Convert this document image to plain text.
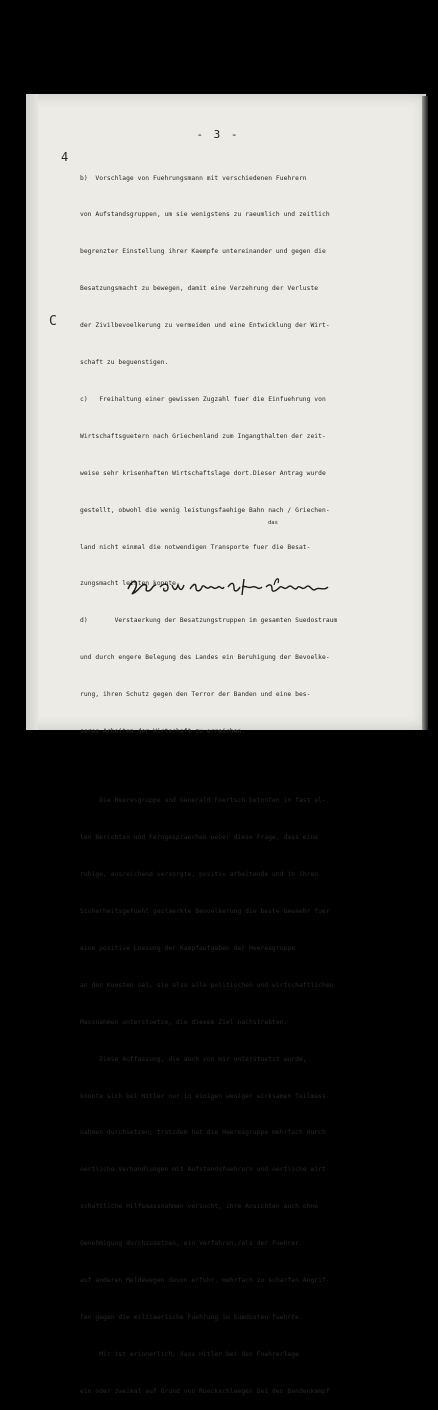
- 3 -
4
C

b)  Vorschlage von Fuehrungsmann mit verschiedenen Fuehrern

von Aufstandsgruppen, um sie wenigstens zu raeumlich und zeitlich

begrenzter Einstellung ihrer Kaempfe untereinander und gegen die

Besatzungsmacht zu bewegen, damit eine Verzehrung der Verluste

der Zivilbevoelkerung zu vermeiden und eine Entwicklung der Wirt-

schaft zu beguenstigen.

c)   Freihaltung einer gewissen Zugzahl fuer die Einfuehrung von

Wirtschaftsguetern nach Griechenland zum Ingangthalten der zeit-

weise sehr krisenhaften Wirtschaftslage dort.Dieser Antrag wurde

gestellt, obwohl die wenig leistungsfaehige Bahn nach / Griechen-

land nicht einmal die notwendigen Transporte fuer die Besat-

zungsmacht leisten konnte.

d)       Verstaerkung der Besatzungstruppen im gesamten Suedostraum

und durch engere Belegung des Landes ein Beruhigung der Bevoelke-

rung, ihren Schutz gegen den Terror der Banden und eine bes-

seres Arbeiten der Wirtschaft zu erreichen.

Die Heeresgruppe und Generald Foertsch betonten in fast al-

len Berichten und Ferngespraechen ueber diese Frage, dass eine

ruhige, ausreichend versorgte, positiv arbeitende und in ihren

Sicherheitsgefuehl gestaerkte Bevoelkerung die beste Gewaehr fuer

eine positive Loesung der Kampfaufgaben der Heeresgruppe

an den Kuesten sei, sie also alle politischen und wirtschaftlichen

Massnahmen unterstuetze, die diesem Ziel nachstrebten.

Diese Auffassung, die auch von mir unterstuetzt wurde,

konnte sich bei Hitler nur in einigen weniger wirksamen Teilmass-

nahmen durchsetzen; trotzdem hat die Heeresgruppe mehrfach durch

oertliche Verhandlungen mit Aufstandsfuehrern und oertliche wirt-

schaftliche Hilfsmassnahmen versucht, ihre Ansichten auch ohne

Genehmigung durchzusetzen, ein Verfahren,/als der Fuehrer

auf anderen Meldewegen davon erfuhr, mehrfach zu scharfen Angrif-

fen gegen die militaerische Fuehrung im Suedosten fuehrte.

Mir ist erinnerlich, dass Hitler bei den Fuehrerlage

ein oder zweimal auf Grund von Rueckschlaegen bei den Bandenkampf

das
